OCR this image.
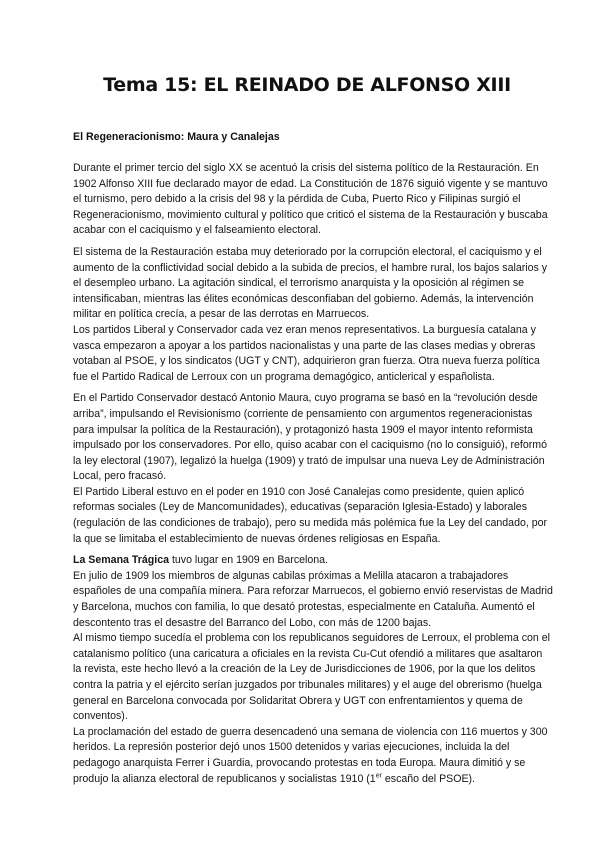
Tema 15: EL REINADO DE ALFONSO XIII

El Regeneracionismo: Maura y Canalejas

Durante el primer tercio del siglo XX se acentuó la crisis del sistema político de la Restauración. En 1902 Alfonso XIII fue declarado mayor de edad. La Constitución de 1876 siguió vigente y se mantuvo el turnismo, pero debido a la crisis del 98 y la pérdida de Cuba, Puerto Rico y Filipinas surgió el Regeneracionismo, movimiento cultural y político que criticó el sistema de la Restauración y buscaba acabar con el caciquismo y el falseamiento electoral.

El sistema de la Restauración estaba muy deteriorado por la corrupción electoral, el caciquismo y el aumento de la conflictividad social debido a la subida de precios, el hambre rural, los bajos salarios y el desempleo urbano. La agitación sindical, el terrorismo anarquista y la oposición al régimen se intensificaban, mientras las élites económicas desconfiaban del gobierno. Además, la intervención militar en política crecía, a pesar de las derrotas en Marruecos.

Los partidos Liberal y Conservador cada vez eran menos representativos. La burguesía catalana y vasca empezaron a apoyar a los partidos nacionalistas y una parte de las clases medias y obreras votaban al PSOE, y los sindicatos (UGT y CNT), adquirieron gran fuerza. Otra nueva fuerza política fue el Partido Radical de Lerroux con un programa demagógico, anticlerical y españolista.

En el Partido Conservador destacó Antonio Maura, cuyo programa se basó en la “revolución desde arriba”, impulsando el Revisionismo (corriente de pensamiento con argumentos regeneracionistas para impulsar la política de la Restauración), y protagonizó hasta 1909 el mayor intento reformista impulsado por los conservadores. Por ello, quiso acabar con el caciquismo (no lo consiguió), reformó la ley electoral (1907), legalizó la huelga (1909) y trató de impulsar una nueva Ley de Administración Local, pero fracasó.

El Partido Liberal estuvo en el poder en 1910 con José Canalejas como presidente, quien aplicó reformas sociales (Ley de Mancomunidades), educativas (separación Iglesia-Estado) y laborales (regulación de las condiciones de trabajo), pero su medida más polémica fue la Ley del candado, por la que se limitaba el establecimiento de nuevas órdenes religiosas en España.

La Semana Trágica tuvo lugar en 1909 en Barcelona.

En julio de 1909 los miembros de algunas cabilas próximas a Melilla atacaron a trabajadores españoles de una compañía minera. Para reforzar Marruecos, el gobierno envió reservistas de Madrid y Barcelona, muchos con familia, lo que desató protestas, especialmente en Cataluña. Aumentó el descontento tras el desastre del Barranco del Lobo, con más de 1200 bajas.

Al mismo tiempo sucedía el problema con los republicanos seguidores de Lerroux, el problema con el catalanismo político (una caricatura a oficiales en la revista Cu-Cut ofendió a militares que asaltaron la revista, este hecho llevó a la creación de la Ley de Jurisdicciones de 1906, por la que los delitos contra la patria y el ejército serían juzgados por tribunales militares) y el auge del obrerismo (huelga general en Barcelona convocada por Solidaritat Obrera y UGT con enfrentamientos y quema de conventos).

La proclamación del estado de guerra desencadenó una semana de violencia con 116 muertos y 300 heridos. La represión posterior dejó unos 1500 detenidos y varias ejecuciones, incluida la del pedagogo anarquista Ferrer i Guardia, provocando protestas en toda Europa. Maura dimitió y se produjo la alianza electoral de republicanos y socialistas 1910 (1er escaño del PSOE).
